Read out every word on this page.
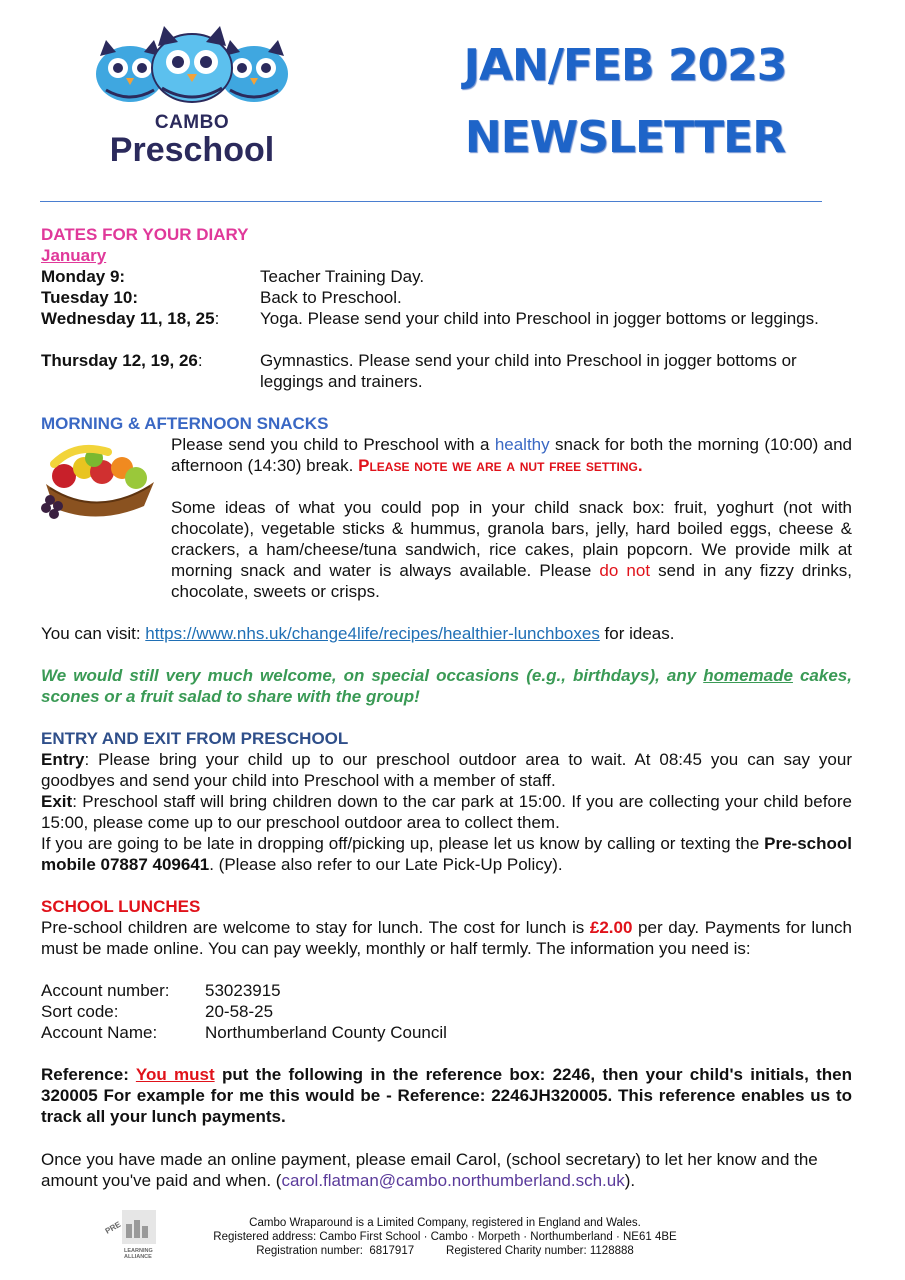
CAMBO
Preschool
JAN/FEB 2023
NEWSLETTER
DATES FOR YOUR DIARY
January
Monday 9:	Teacher Training Day.
Tuesday 10:	Back to Preschool.
Wednesday 11, 18, 25: Yoga. Please send your child into Preschool in jogger bottoms or leggings.
Thursday 12, 19, 26:	Gymnastics. Please send your child into Preschool in jogger bottoms or leggings and trainers.
MORNING & AFTERNOON SNACKS
Please send you child to Preschool with a healthy snack for both the morning (10:00) and afternoon (14:30) break. Please note we are a nut free setting.
Some ideas of what you could pop in your child snack box: fruit, yoghurt (not with chocolate), vegetable sticks & hummus, granola bars, jelly, hard boiled eggs, cheese & crackers, a ham/cheese/tuna sandwich, rice cakes, plain popcorn. We provide milk at morning snack and water is always available. Please do not send in any fizzy drinks, chocolate, sweets or crisps.
You can visit: https://www.nhs.uk/change4life/recipes/healthier-lunchboxes for ideas.
We would still very much welcome, on special occasions (e.g., birthdays), any homemade cakes, scones or a fruit salad to share with the group!
ENTRY AND EXIT FROM PRESCHOOL
Entry: Please bring your child up to our preschool outdoor area to wait. At 08:45 you can say your goodbyes and send your child into Preschool with a member of staff.
Exit: Preschool staff will bring children down to the car park at 15:00. If you are collecting your child before 15:00, please come up to our preschool outdoor area to collect them.
If you are going to be late in dropping off/picking up, please let us know by calling or texting the Pre-school mobile 07887 409641. (Please also refer to our Late Pick-Up Policy).
SCHOOL LUNCHES
Pre-school children are welcome to stay for lunch. The cost for lunch is £2.00 per day. Payments for lunch must be made online. You can pay weekly, monthly or half termly. The information you need is:
Account number: 53023915
Sort code:	20-58-25
Account Name:	Northumberland County Council
Reference: You must put the following in the reference box: 2246, then your child's initials, then 320005 For example for me this would be - Reference: 2246JH320005. This reference enables us to track all your lunch payments.
Once you have made an online payment, please email Carol, (school secretary) to let her know and the amount you've paid and when. (carol.flatman@cambo.northumberland.sch.uk).
PRE
LEARNING
ALLIANCE
Cambo Wraparound is a Limited Company, registered in England and Wales.
Registered address: Cambo First School · Cambo · Morpeth · Northumberland · NE61 4BE
Registration number:  6817917          Registered Charity number: 1128888
